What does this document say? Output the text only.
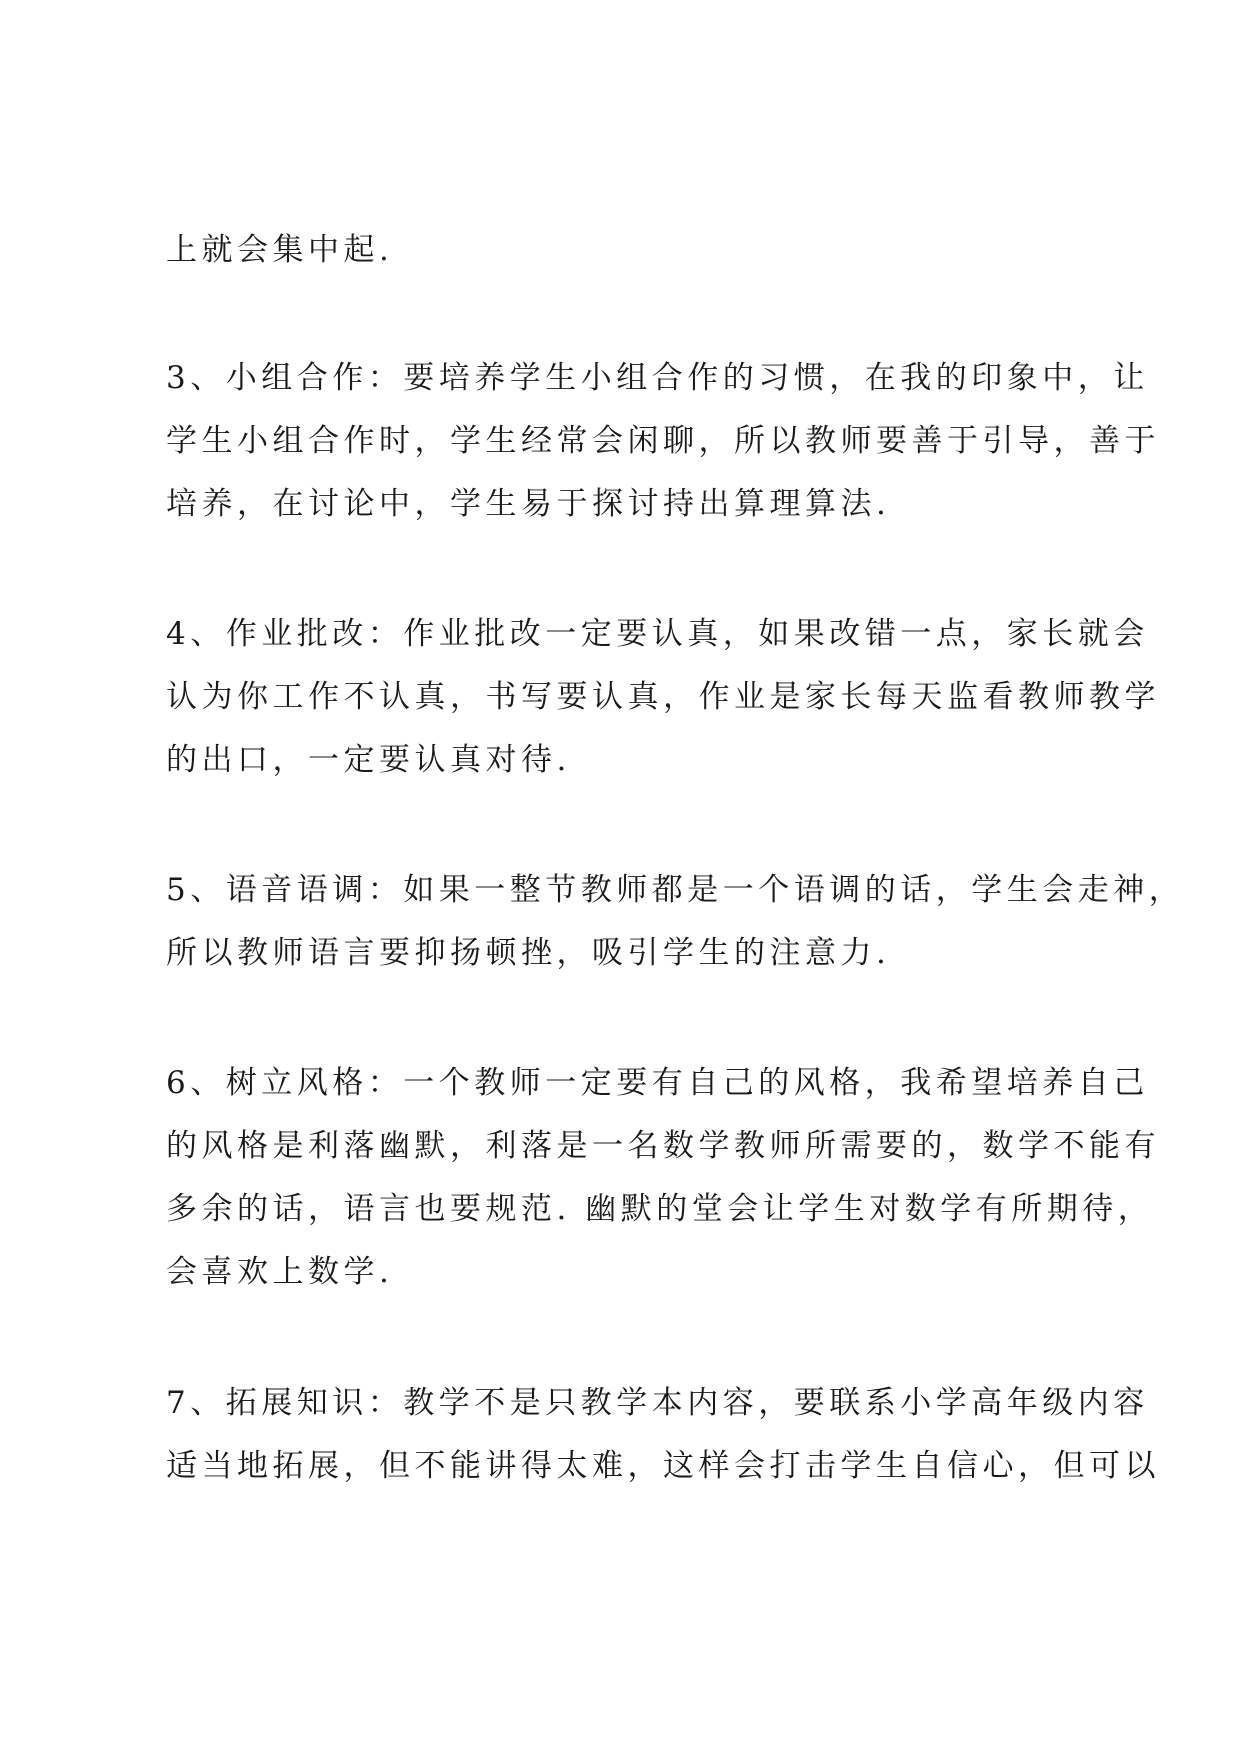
上就会集中起.
3、小组合作：要培养学生小组合作的习惯，在我的印象中，让
学生小组合作时，学生经常会闲聊，所以教师要善于引导，善于
培养，在讨论中，学生易于探讨持出算理算法.
4、作业批改：作业批改一定要认真，如果改错一点，家长就会
认为你工作不认真，书写要认真，作业是家长每天监看教师教学
的出口，一定要认真对待.
5、语音语调：如果一整节教师都是一个语调的话，学生会走神，
所以教师语言要抑扬顿挫，吸引学生的注意力.
6、树立风格：一个教师一定要有自己的风格，我希望培养自己
的风格是利落幽默，利落是一名数学教师所需要的，数学不能有
多余的话，语言也要规范. 幽默的堂会让学生对数学有所期待，
会喜欢上数学.
7、拓展知识：教学不是只教学本内容，要联系小学高年级内容
适当地拓展，但不能讲得太难，这样会打击学生自信心，但可以
